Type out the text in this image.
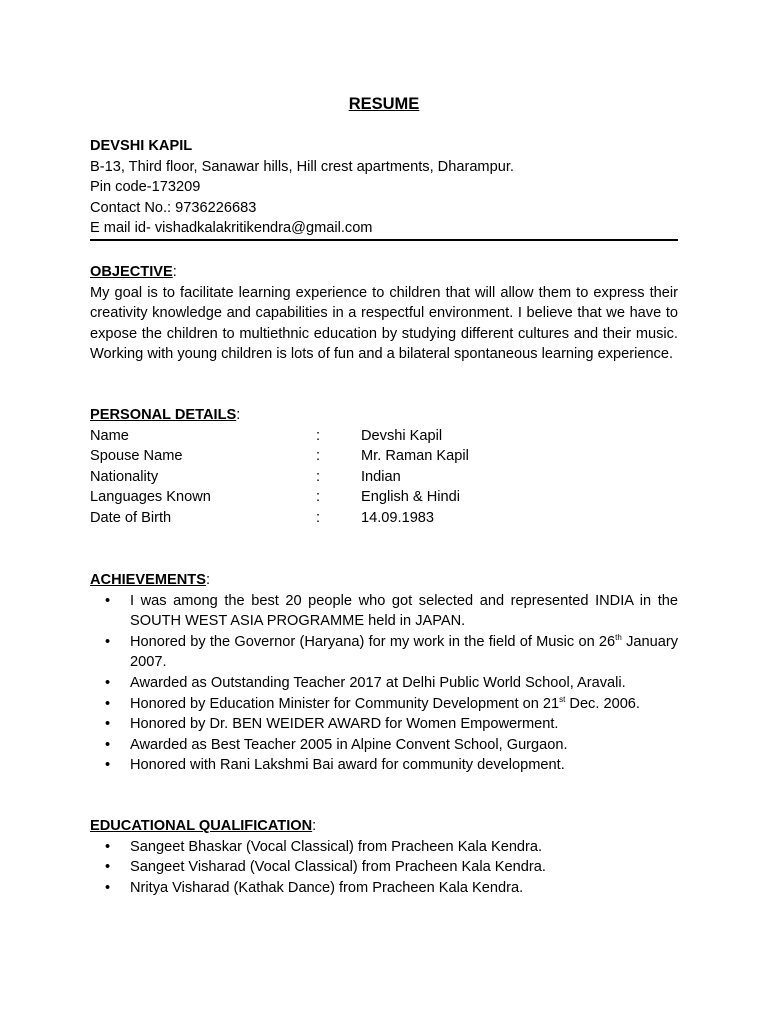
RESUME
DEVSHI KAPIL
B-13, Third floor, Sanawar hills, Hill crest apartments, Dharampur.
Pin code-173209
Contact No.: 9736226683
E mail id- vishadkalakritikendra@gmail.com
OBJECTIVE:
My goal is to facilitate learning experience to children that will allow them to express their creativity knowledge and capabilities in a respectful environment. I believe that we have to expose the children to multiethnic education by studying different cultures and their music. Working with young children is lots of fun and a bilateral spontaneous learning experience.
PERSONAL DETAILS:
Name	:	Devshi Kapil
Spouse Name	:	Mr. Raman Kapil
Nationality	:	Indian
Languages Known	:	English & Hindi
Date of Birth	:	14.09.1983
ACHIEVEMENTS:
• I was among the best 20 people who got selected and represented INDIA in the SOUTH WEST ASIA PROGRAMME held in JAPAN.
• Honored by the Governor (Haryana) for my work in the field of Music on 26th January 2007.
• Awarded as Outstanding Teacher 2017 at Delhi Public World School, Aravali.
• Honored by Education Minister for Community Development on 21st Dec. 2006.
• Honored by Dr. BEN WEIDER AWARD for Women Empowerment.
• Awarded as Best Teacher 2005 in Alpine Convent School, Gurgaon.
• Honored with Rani Lakshmi Bai award for community development.
EDUCATIONAL QUALIFICATION:
• Sangeet Bhaskar (Vocal Classical) from Pracheen Kala Kendra.
• Sangeet Visharad (Vocal Classical) from Pracheen Kala Kendra.
• Nritya Visharad (Kathak Dance) from Pracheen Kala Kendra.
